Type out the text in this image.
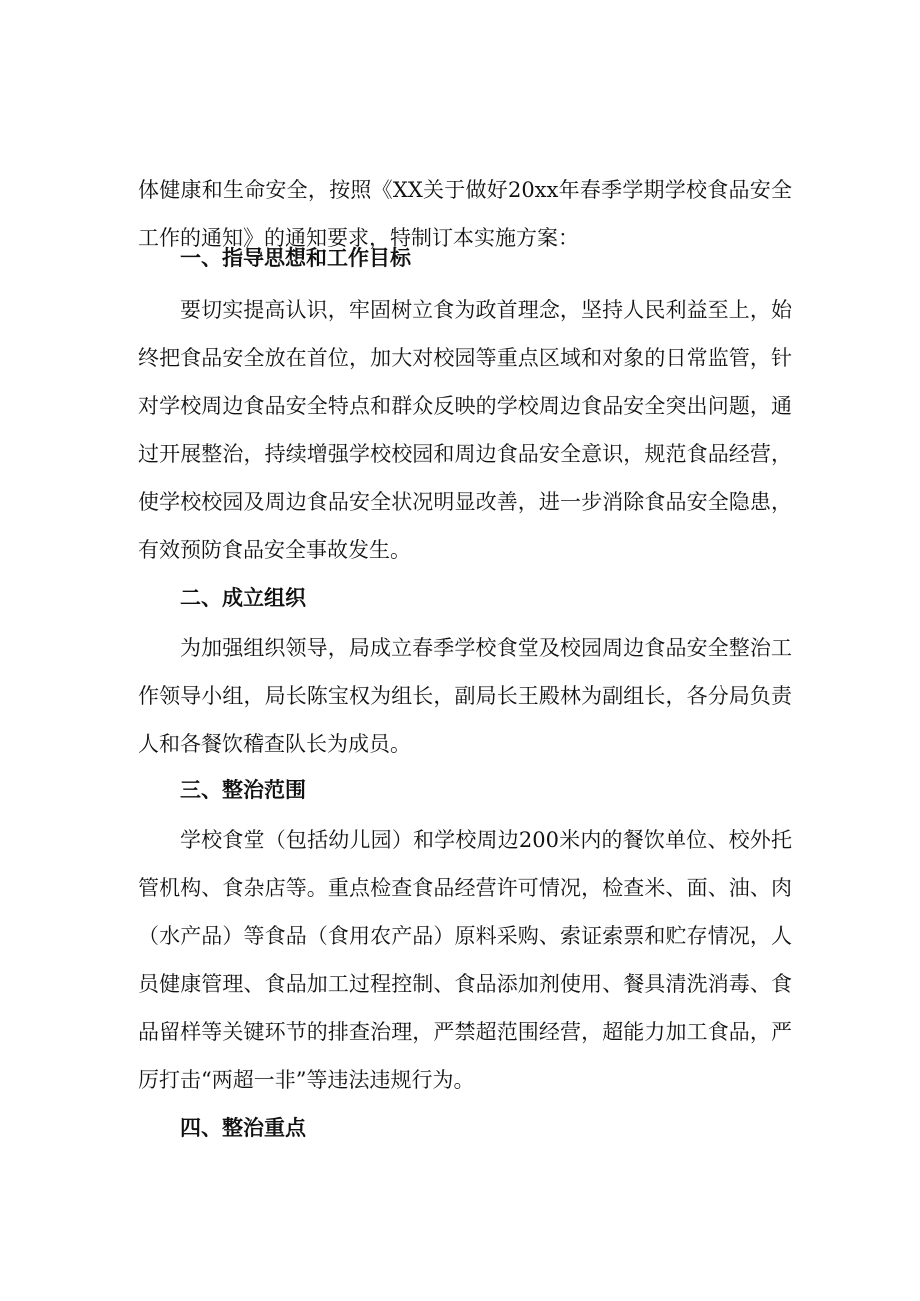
体健康和生命安全，按照《XX关于做好20xx年春季学期学校食品安全工作的通知》的通知要求，特制订本实施方案：

一、指导思想和工作目标

要切实提高认识，牢固树立食为政首理念，坚持人民利益至上，始终把食品安全放在首位，加大对校园等重点区域和对象的日常监管，针对学校周边食品安全特点和群众反映的学校周边食品安全突出问题，通过开展整治，持续增强学校校园和周边食品安全意识，规范食品经营，使学校校园及周边食品安全状况明显改善，进一步消除食品安全隐患，有效预防食品安全事故发生。

二、成立组织

为加强组织领导，局成立春季学校食堂及校园周边食品安全整治工作领导小组，局长陈宝权为组长，副局长王殿林为副组长，各分局负责人和各餐饮稽查队长为成员。

三、整治范围

学校食堂（包括幼儿园）和学校周边200米内的餐饮单位、校外托管机构、食杂店等。重点检查食品经营许可情况，检查米、面、油、肉（水产品）等食品（食用农产品）原料采购、索证索票和贮存情况，人员健康管理、食品加工过程控制、食品添加剂使用、餐具清洗消毒、食品留样等关键环节的排查治理，严禁超范围经营，超能力加工食品，严厉打击“两超一非”等违法违规行为。

四、整治重点
